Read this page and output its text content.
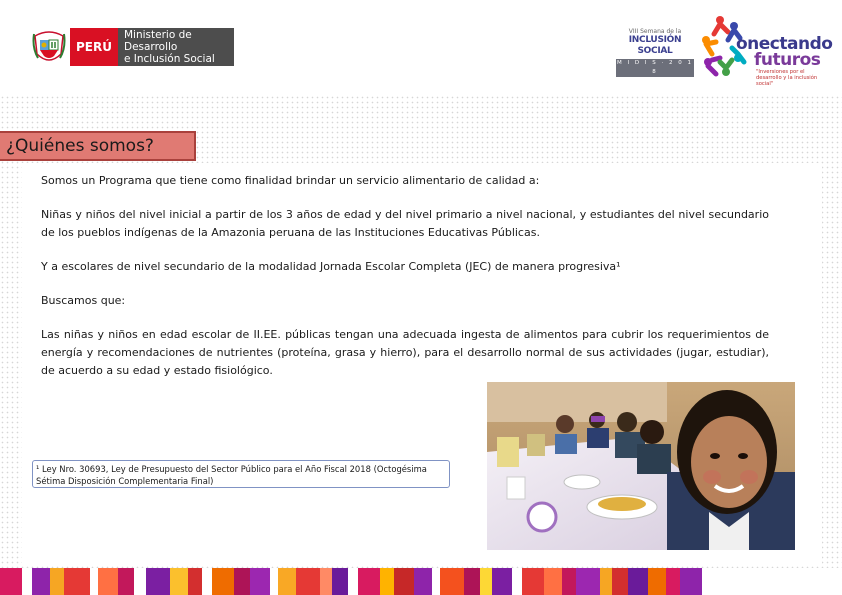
PERÚ
Ministerio de Desarrollo
e Inclusión Social
VIII Semana de la
INCLUSIÓN SOCIAL
M I D I S · 2 0 1 8
onectando
futuros
"Inversiones por el desarrollo y la inclusión social"
¿Quiénes somos?

Somos un Programa que tiene como finalidad brindar un servicio alimentario de calidad a:

Niñas y niños del nivel inicial a partir de los 3 años de edad y del nivel primario a nivel nacional, y estudiantes del nivel secundario de los pueblos indígenas de la Amazonia peruana de las Instituciones Educativas Públicas.

Y a escolares de nivel secundario de la modalidad Jornada Escolar Completa (JEC) de manera progresiva¹

Buscamos que:

Las niñas y niños en edad escolar de II.EE. públicas tengan una adecuada ingesta de alimentos para cubrir los requerimientos de energía y recomendaciones de nutrientes (proteína, grasa y hierro), para el desarrollo normal de sus actividades (jugar, estudiar), de acuerdo a su edad y estado fisiológico.

¹ Ley Nro. 30693, Ley de Presupuesto del Sector Público para el Año Fiscal 2018 (Octogésima Sétima Disposición Complementaria Final)
